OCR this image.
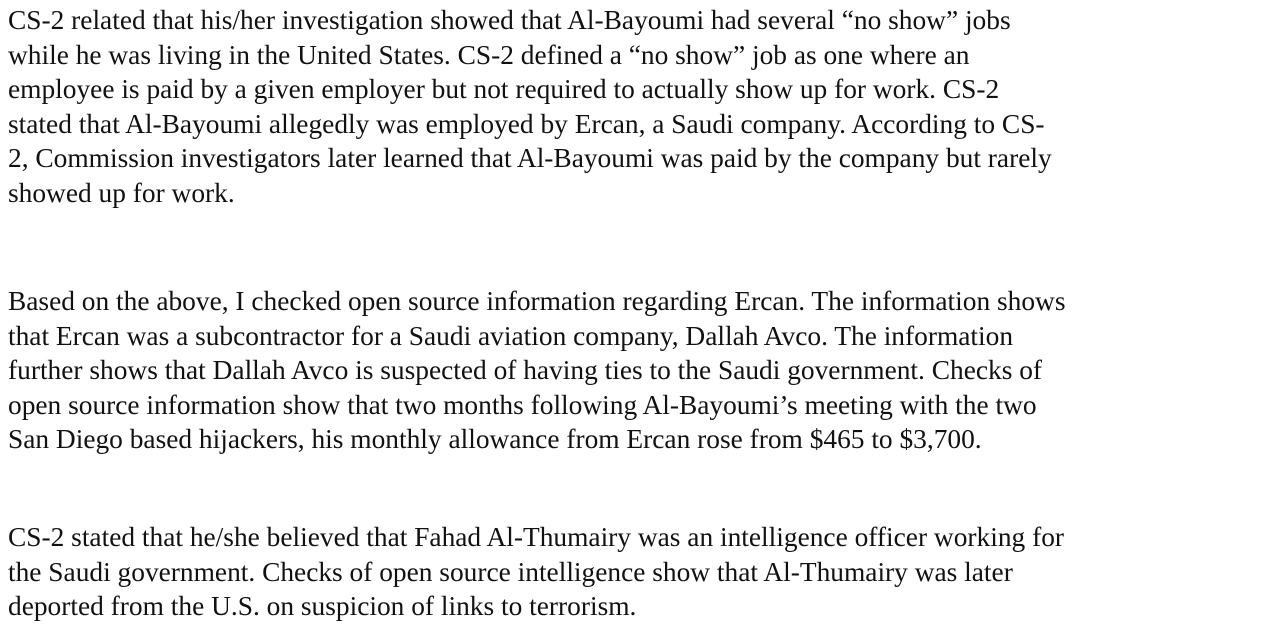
CS-2 related that his/her investigation showed that Al-Bayoumi had several “no show” jobs
while he was living in the United States. CS-2 defined a “no show” job as one where an
employee is paid by a given employer but not required to actually show up for work. CS-2
stated that Al-Bayoumi allegedly was employed by Ercan, a Saudi company. According to CS-
2, Commission investigators later learned that Al-Bayoumi was paid by the company but rarely
showed up for work.
Based on the above, I checked open source information regarding Ercan. The information shows
that Ercan was a subcontractor for a Saudi aviation company, Dallah Avco. The information
further shows that Dallah Avco is suspected of having ties to the Saudi government. Checks of
open source information show that two months following Al-Bayoumi’s meeting with the two
San Diego based hijackers, his monthly allowance from Ercan rose from $465 to $3,700.
CS-2 stated that he/she believed that Fahad Al-Thumairy was an intelligence officer working for
the Saudi government. Checks of open source intelligence show that Al-Thumairy was later
deported from the U.S. on suspicion of links to terrorism.
